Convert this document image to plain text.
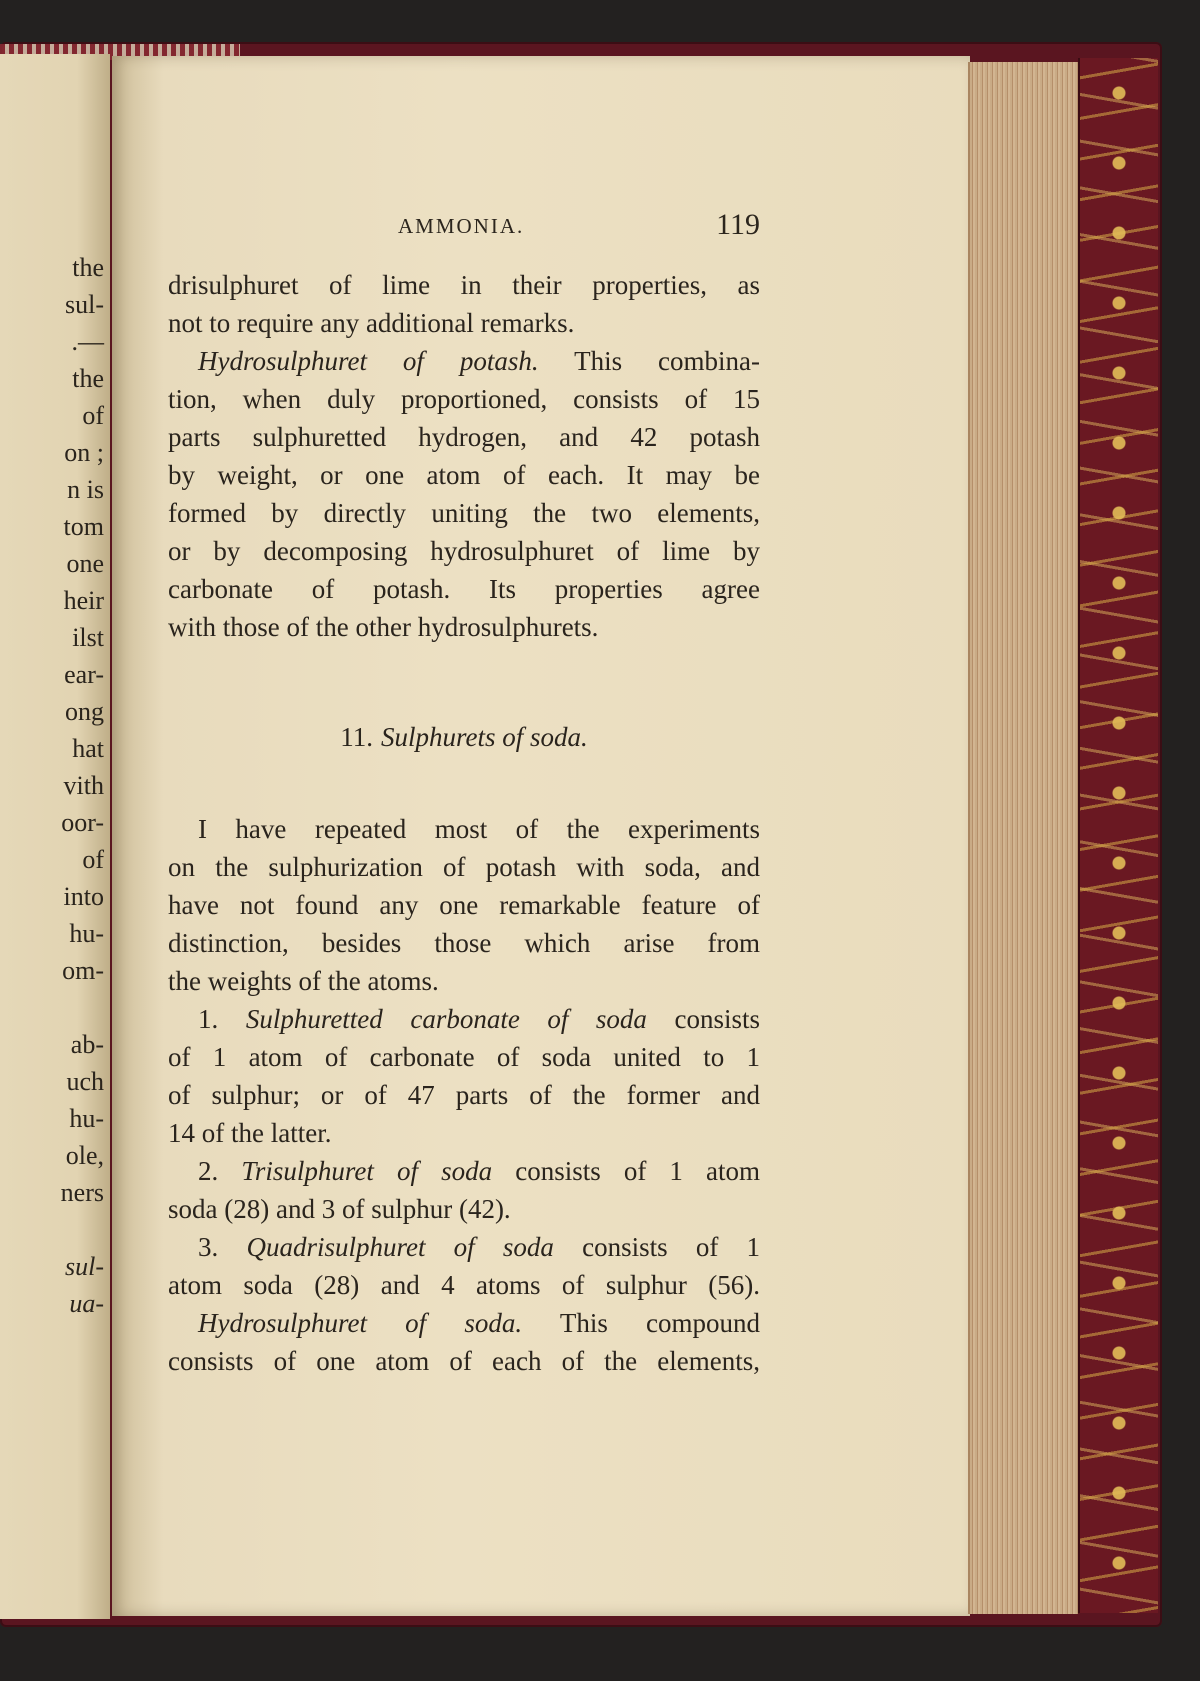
the
sul-
.—
the
of
on ;
n is
tom
one
heir
ilst
ear-
ong
hat
vith
oor-
of
into
hu-
om-
ab-
uch
hu-
ole,
ners
sul-
ua-
AMMONIA.	119
drisulphuret of lime in their properties, as
not to require any additional remarks.
Hydrosulphuret of potash. This combina-
tion, when duly proportioned, consists of 15
parts sulphuretted hydrogen, and 42 potash
by weight, or one atom of each. It may be
formed by directly uniting the two elements,
or by decomposing hydrosulphuret of lime by
carbonate of potash. Its properties agree
with those of the other hydrosulphurets.
11. Sulphurets of soda.
I have repeated most of the experiments
on the sulphurization of potash with soda, and
have not found any one remarkable feature of
distinction, besides those which arise from
the weights of the atoms.
1. Sulphuretted carbonate of soda consists
of 1 atom of carbonate of soda united to 1
of sulphur; or of 47 parts of the former and
14 of the latter.
2. Trisulphuret of soda consists of 1 atom
soda (28) and 3 of sulphur (42).
3. Quadrisulphuret of soda consists of 1
atom soda (28) and 4 atoms of sulphur (56).
Hydrosulphuret of soda. This compound
consists of one atom of each of the elements,
